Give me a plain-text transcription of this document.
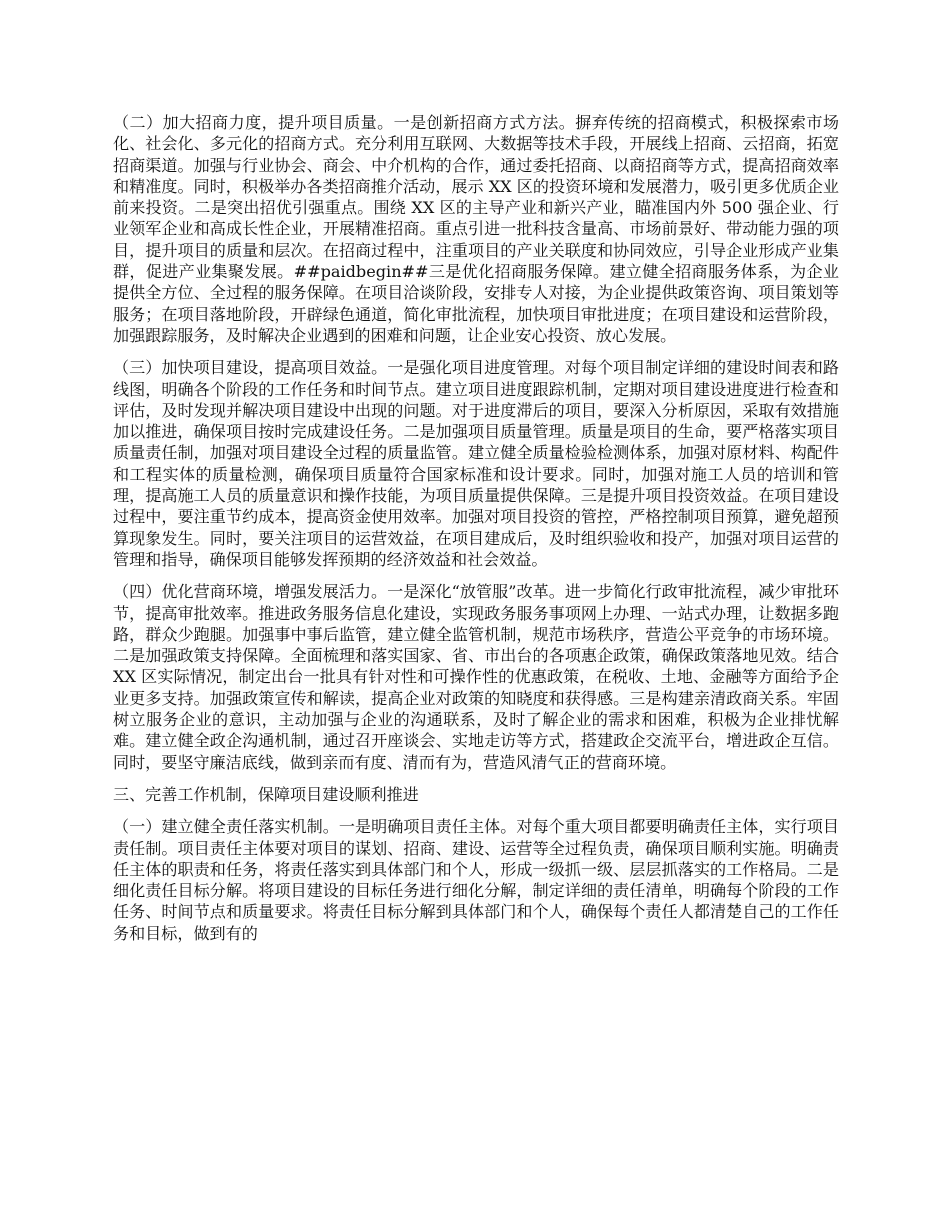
（二）加大招商力度，提升项目质量。一是创新招商方式方法。摒弃传统的招商模式，积极探索市场化、社会化、多元化的招商方式。充分利用互联网、大数据等技术手段，开展线上招商、云招商，拓宽招商渠道。加强与行业协会、商会、中介机构的合作，通过委托招商、以商招商等方式，提高招商效率和精准度。同时，积极举办各类招商推介活动，展示 XX 区的投资环境和发展潜力，吸引更多优质企业前来投资。二是突出招优引强重点。围绕 XX 区的主导产业和新兴产业，瞄准国内外 500 强企业、行业领军企业和高成长性企业，开展精准招商。重点引进一批科技含量高、市场前景好、带动能力强的项目，提升项目的质量和层次。在招商过程中，注重项目的产业关联度和协同效应，引导企业形成产业集群，促进产业集聚发展。##paidbegin##三是优化招商服务保障。建立健全招商服务体系，为企业提供全方位、全过程的服务保障。在项目洽谈阶段，安排专人对接，为企业提供政策咨询、项目策划等服务；在项目落地阶段，开辟绿色通道，简化审批流程，加快项目审批进度；在项目建设和运营阶段，加强跟踪服务，及时解决企业遇到的困难和问题，让企业安心投资、放心发展。

（三）加快项目建设，提高项目效益。一是强化项目进度管理。对每个项目制定详细的建设时间表和路线图，明确各个阶段的工作任务和时间节点。建立项目进度跟踪机制，定期对项目建设进度进行检查和评估，及时发现并解决项目建设中出现的问题。对于进度滞后的项目，要深入分析原因，采取有效措施加以推进，确保项目按时完成建设任务。二是加强项目质量管理。质量是项目的生命，要严格落实项目质量责任制，加强对项目建设全过程的质量监管。建立健全质量检验检测体系，加强对原材料、构配件和工程实体的质量检测，确保项目质量符合国家标准和设计要求。同时，加强对施工人员的培训和管理，提高施工人员的质量意识和操作技能，为项目质量提供保障。三是提升项目投资效益。在项目建设过程中，要注重节约成本，提高资金使用效率。加强对项目投资的管控，严格控制项目预算，避免超预算现象发生。同时，要关注项目的运营效益，在项目建成后，及时组织验收和投产，加强对项目运营的管理和指导，确保项目能够发挥预期的经济效益和社会效益。

（四）优化营商环境，增强发展活力。一是深化“放管服”改革。进一步简化行政审批流程，减少审批环节，提高审批效率。推进政务服务信息化建设，实现政务服务事项网上办理、一站式办理，让数据多跑路，群众少跑腿。加强事中事后监管，建立健全监管机制，规范市场秩序，营造公平竞争的市场环境。二是加强政策支持保障。全面梳理和落实国家、省、市出台的各项惠企政策，确保政策落地见效。结合 XX 区实际情况，制定出台一批具有针对性和可操作性的优惠政策，在税收、土地、金融等方面给予企业更多支持。加强政策宣传和解读，提高企业对政策的知晓度和获得感。三是构建亲清政商关系。牢固树立服务企业的意识，主动加强与企业的沟通联系，及时了解企业的需求和困难，积极为企业排忧解难。建立健全政企沟通机制，通过召开座谈会、实地走访等方式，搭建政企交流平台，增进政企互信。同时，要坚守廉洁底线，做到亲而有度、清而有为，营造风清气正的营商环境。

三、完善工作机制，保障项目建设顺利推进

（一）建立健全责任落实机制。一是明确项目责任主体。对每个重大项目都要明确责任主体，实行项目责任制。项目责任主体要对项目的谋划、招商、建设、运营等全过程负责，确保项目顺利实施。明确责任主体的职责和任务，将责任落实到具体部门和个人，形成一级抓一级、层层抓落实的工作格局。二是细化责任目标分解。将项目建设的目标任务进行细化分解，制定详细的责任清单，明确每个阶段的工作任务、时间节点和质量要求。将责任目标分解到具体部门和个人，确保每个责任人都清楚自己的工作任务和目标，做到有的
